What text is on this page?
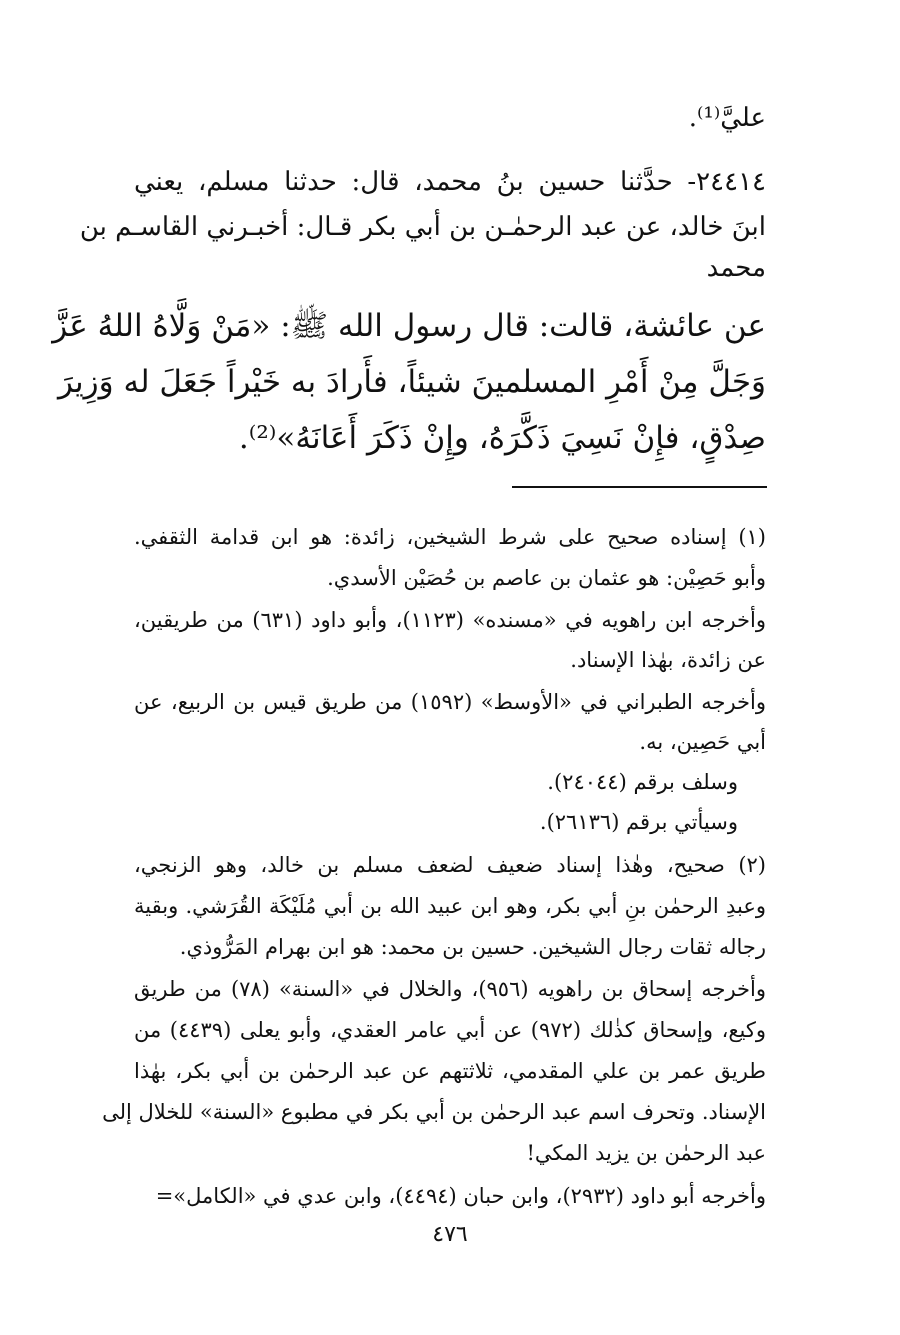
عليَّ⁽¹⁾.
٢٤٤١٤- حدَّثنا حسين بنُ محمد، قال: حدثنا مسلم، يعني
ابنَ خالد، عن عبد الرحمٰـن بن أبي بكر قـال: أخبـرني القاسـم بن
محمد
عن عائشة، قالت: قال رسول الله ﷺ: «مَنْ وَلَّاهُ اللهُ عَزَّ
وَجَلَّ مِنْ أَمْرِ المسلمينَ شيئاً، فأَرادَ به خَيْراً جَعَلَ له وَزِيرَ
صِدْقٍ، فإِنْ نَسِيَ ذَكَّرَهُ، وإِنْ ذَكَرَ أَعَانَهُ»⁽²⁾.
(١) إسناده صحيح على شرط الشيخين، زائدة: هو ابن قدامة الثقفي.
وأبو حَصِيْن: هو عثمان بن عاصم بن حُصَيْن الأسدي.
وأخرجه ابن راهويه في «مسنده» (١١٢٣)، وأبو داود (٦٣١) من طريقين،
عن زائدة، بهٰذا الإسناد.
وأخرجه الطبراني في «الأوسط» (١٥٩٢) من طريق قيس بن الربيع، عن
أبي حَصِين، به.
وسلف برقم (٢٤٠٤٤).
وسيأتي برقم (٢٦١٣٦).
(٢) صحيح، وهٰذا إسناد ضعيف لضعف مسلم بن خالد، وهو الزنجي،
وعبدِ الرحمٰن بنِ أبي بكر، وهو ابن عبيد الله بن أبي مُلَيْكَة القُرَشي. وبقية
رجاله ثقات رجال الشيخين. حسين بن محمد: هو ابن بهرام المَرُّوذي.
وأخرجه إسحاق بن راهويه (٩٥٦)، والخلال في «السنة» (٧٨) من طريق
وكيع، وإسحاق كذٰلك (٩٧٢) عن أبي عامر العقدي، وأبو يعلى (٤٤٣٩) من
طريق عمر بن علي المقدمي، ثلاثتهم عن عبد الرحمٰن بن أبي بكر، بهٰذا
الإسناد. وتحرف اسم عبد الرحمٰن بن أبي بكر في مطبوع «السنة» للخلال إلى
عبد الرحمٰن بن يزيد المكي!
وأخرجه أبو داود (٢٩٣٢)، وابن حبان (٤٤٩٤)، وابن عدي في «الكامل»=
٤٧٦
